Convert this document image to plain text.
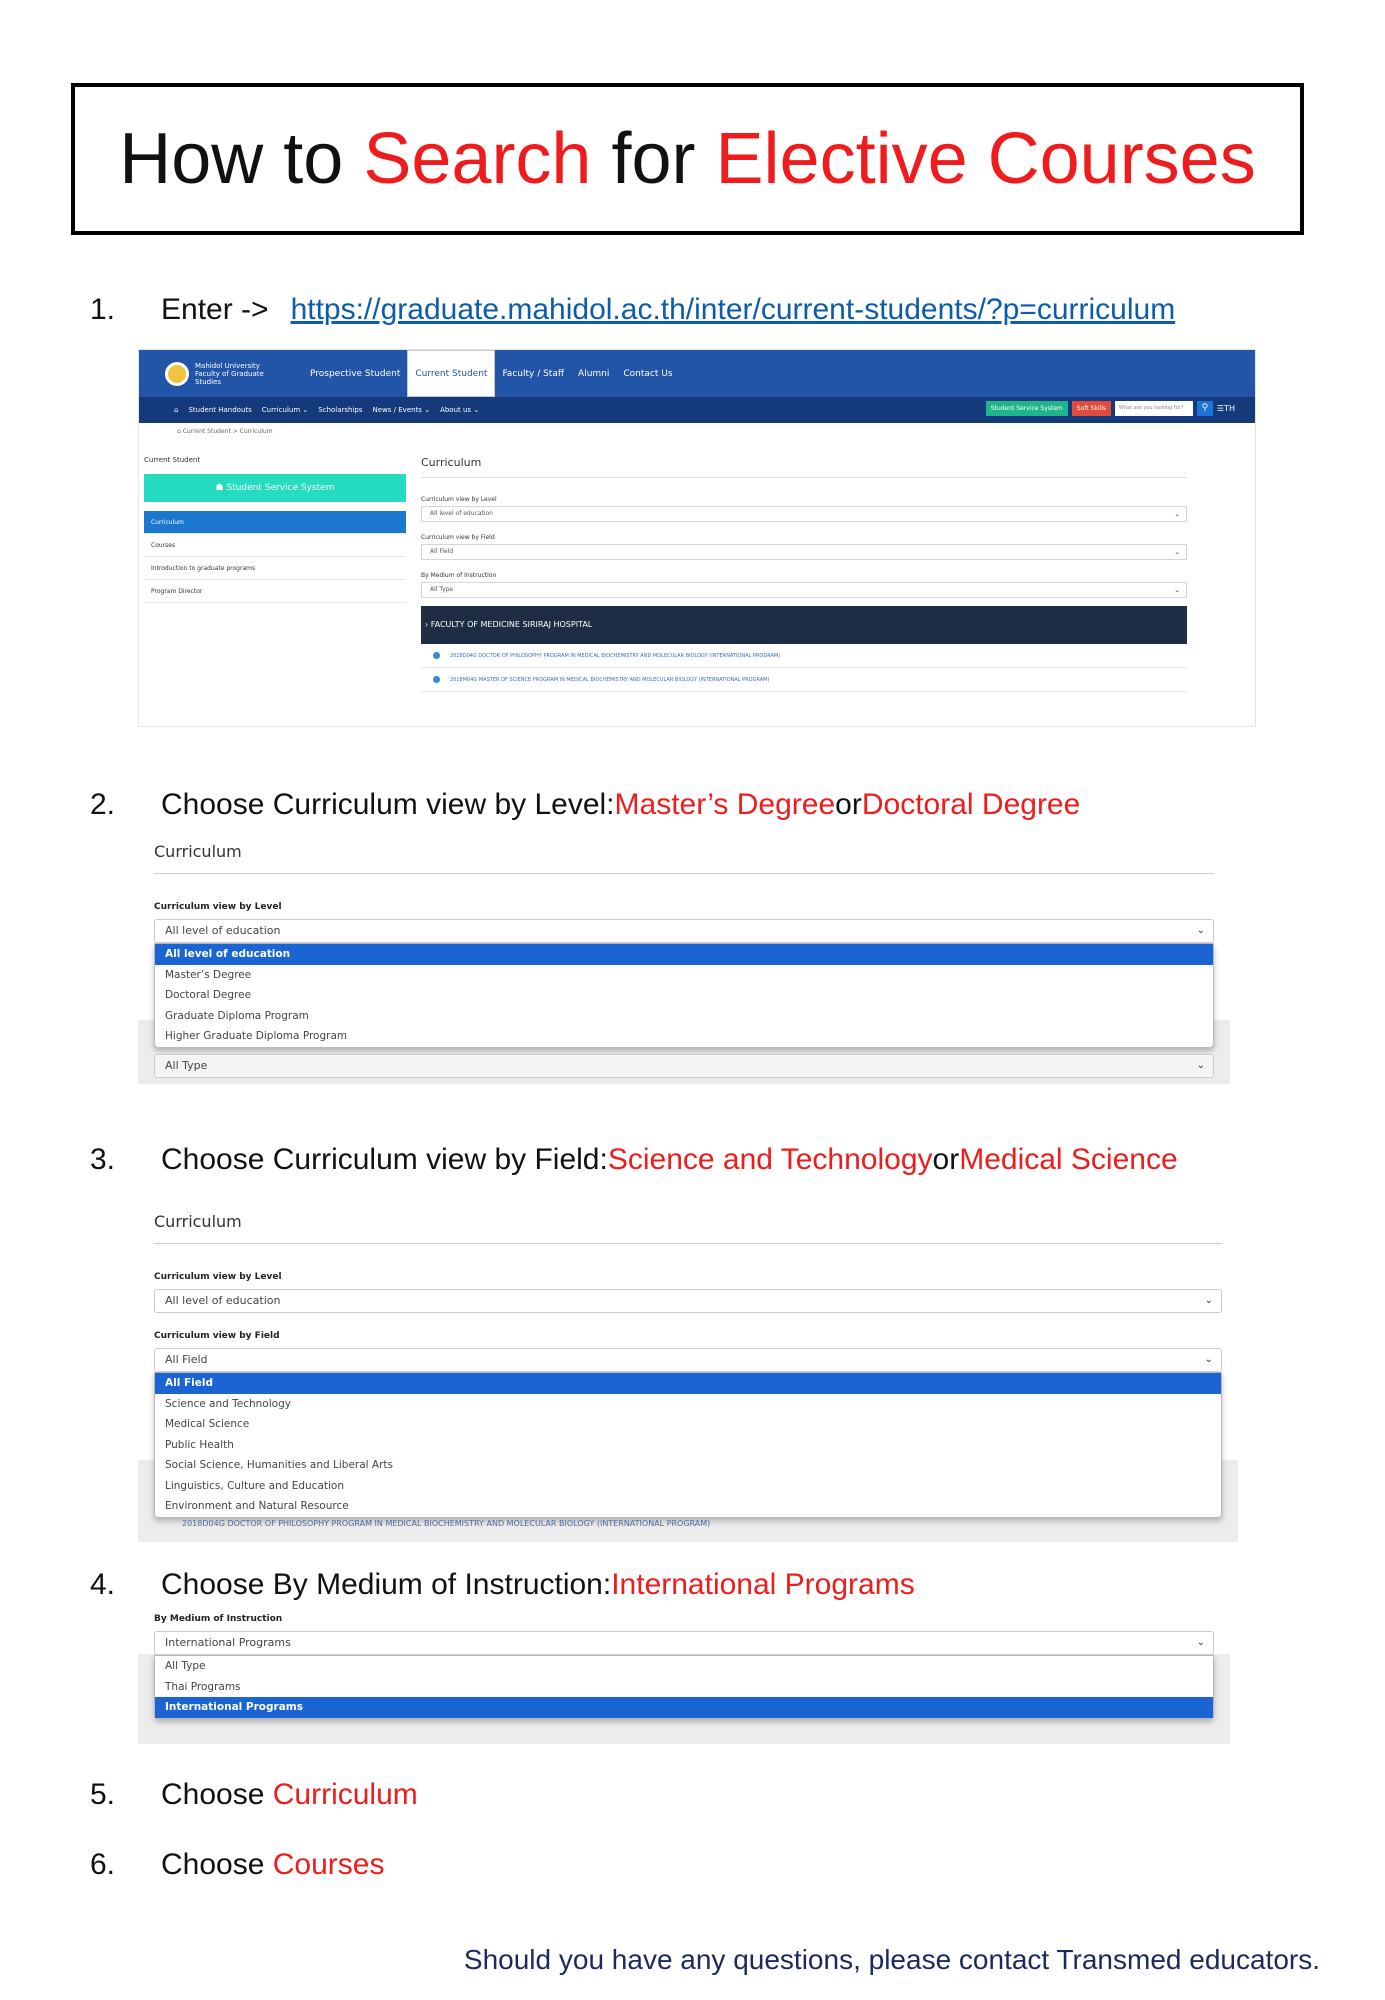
How to Search for Elective Courses
1.	Enter -> https://graduate.mahidol.ac.th/inter/current-students/?p=curriculum
Mahidol University
Faculty of Graduate Studies
Prospective Student	Current Student	Faculty / Staff	Alumni	Contact Us
⌂	Student Handouts	Curriculum ⌄	Scholarships	News / Events ⌄	About us ⌄	Student Service System	Soft Skills	What are you looking for?	⚲	☰TH
⌂ Current Student > Curriculum
Current Student
☗ Student Service System
Curriculum
Courses
Introduction to graduate programs
Program Director
Curriculum
Curriculum view by Level
All level of education	⌄
Curriculum view by Field
All Field	⌄
By Medium of Instruction
All Type	⌄
› FACULTY OF MEDICINE SIRIRAJ HOSPITAL
2018D04G DOCTOR OF PHILOSOPHY PROGRAM IN MEDICAL BIOCHEMISTRY AND MOLECULAR BIOLOGY (INTERNATIONAL PROGRAM)
2018M04G MASTER OF SCIENCE PROGRAM IN MEDICAL BIOCHEMISTRY AND MOLECULAR BIOLOGY (INTERNATIONAL PROGRAM)
2.	Choose Curriculum view by Level: Master’s Degree or Doctoral Degree
Curriculum
Curriculum view by Level
All level of education	⌄
All level of education
Master’s Degree
Doctoral Degree
Graduate Diploma Program
Higher Graduate Diploma Program
All Type	⌄
3.	Choose Curriculum view by Field: Science and Technology or Medical Science
Curriculum
Curriculum view by Level
All level of education	⌄
Curriculum view by Field
All Field	⌄
All Field
Science and Technology
Medical Science
Public Health
Social Science, Humanities and Liberal Arts
Linguistics, Culture and Education
Environment and Natural Resource
2018D04G DOCTOR OF PHILOSOPHY PROGRAM IN MEDICAL BIOCHEMISTRY AND MOLECULAR BIOLOGY (INTERNATIONAL PROGRAM)
4.	Choose By Medium of Instruction: International Programs
By Medium of Instruction
International Programs	⌄
All Type
Thai Programs
International Programs
5.	Choose Curriculum
6.	Choose Courses
Should you have any questions, please contact Transmed educators.
